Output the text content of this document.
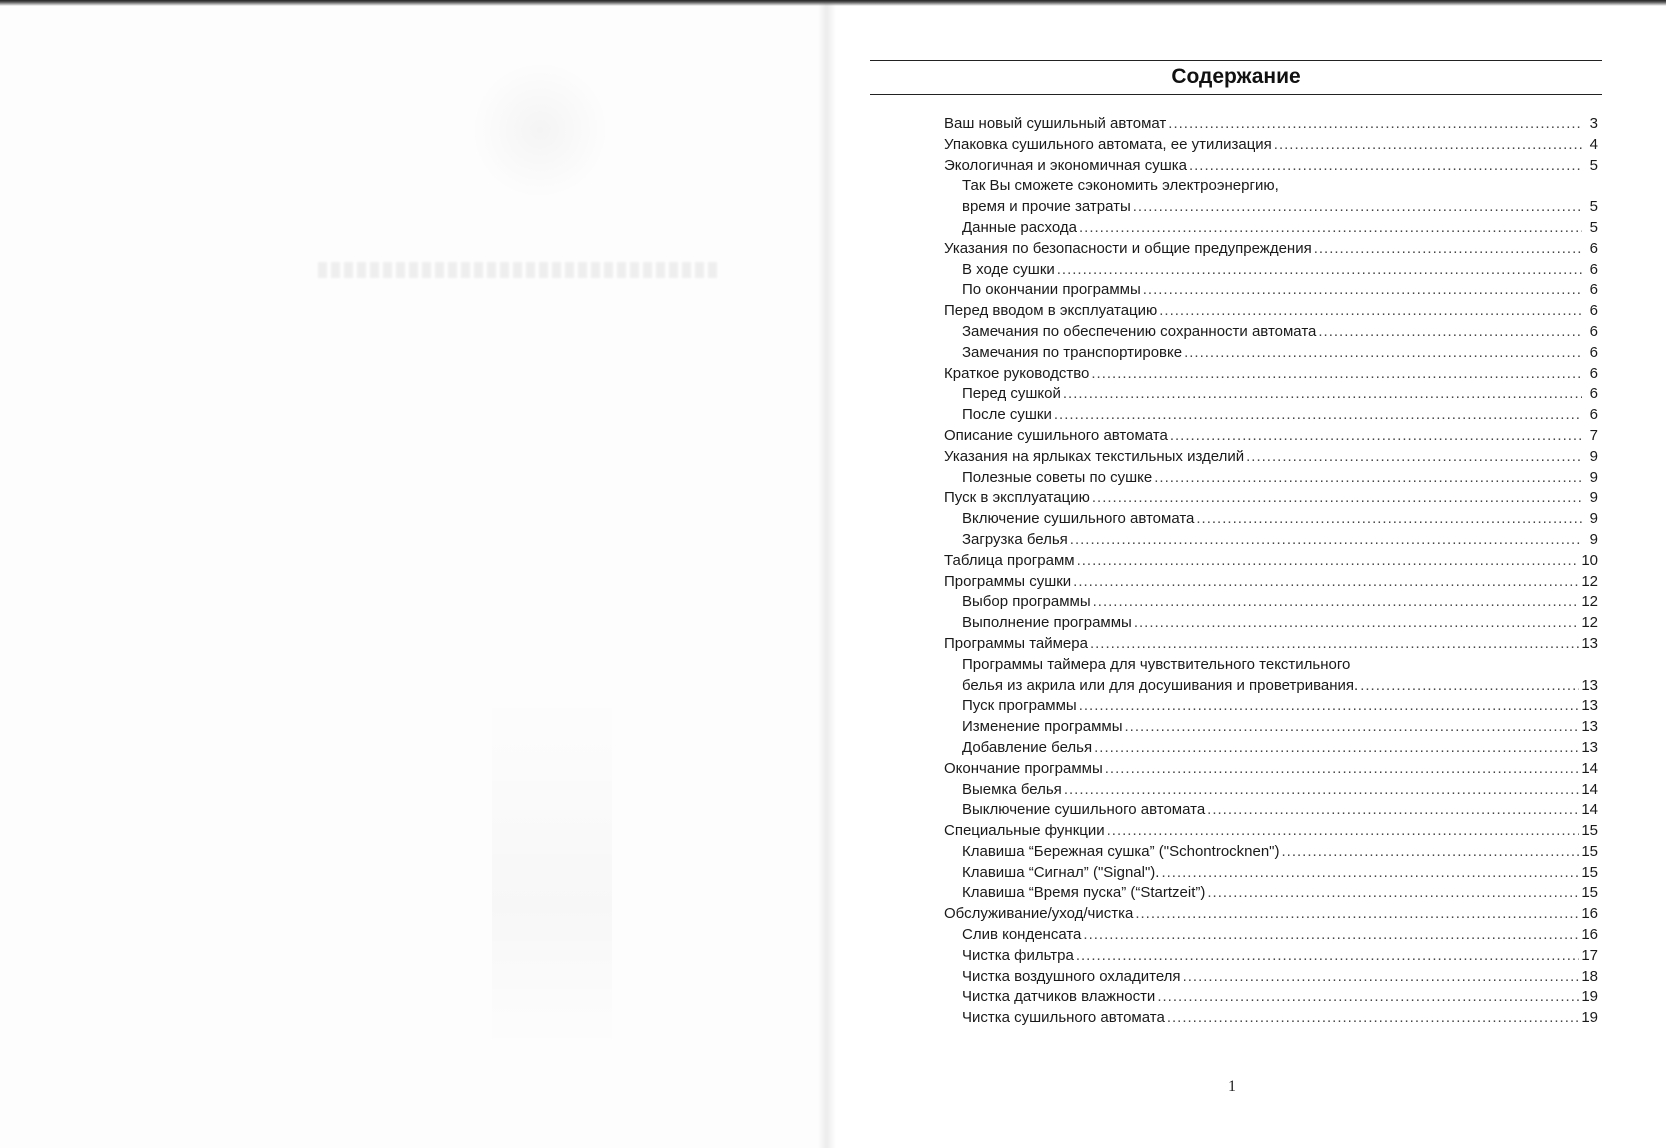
Содержание
Ваш новый сушильный автомат .....	3
Упаковка сушильного автомата, ее утилизация .....	4
Экологичная и экономичная сушка .....	5
Так Вы сможете сэкономить электроэнергию,
время и прочие затраты .....	5
Данные расхода .....	5
Указания по безопасности и общие предупреждения .....	6
В ходе сушки .....	6
По окончании программы .....	6
Перед вводом в эксплуатацию .....	6
Замечания по обеспечению сохранности автомата .....	6
Замечания по транспортировке .....	6
Краткое руководство .....	6
Перед сушкой .....	6
После сушки .....	6
Описание сушильного автомата .....	7
Указания на ярлыках текстильных изделий .....	9
Полезные советы по сушке .....	9
Пуск в эксплуатацию .....	9
Включение сушильного автомата .....	9
Загрузка белья .....	9
Таблица программ .....	10
Программы сушки .....	12
Выбор программы .....	12
Выполнение программы .....	12
Программы таймера .....	13
Программы таймера для чувствительного текстильного
белья из акрила или для досушивания и проветривания. .....	13
Пуск программы .....	13
Изменение программы .....	13
Добавление белья .....	13
Окончание программы .....	14
Выемка белья .....	14
Выключение сушильного автомата .....	14
Специальные функции .....	15
Клавиша “Бережная сушка” ("Schontrocknen") .....	15
Клавиша “Сигнал” ("Signal"). .....	15
Клавиша “Время пуска” (“Startzeit”) .....	15
Обслуживание/уход/чистка .....	16
Слив конденсата .....	16
Чистка фильтра .....	17
Чистка воздушного охладителя .....	18
Чистка датчиков влажности .....	19
Чистка сушильного автомата .....	19
1
